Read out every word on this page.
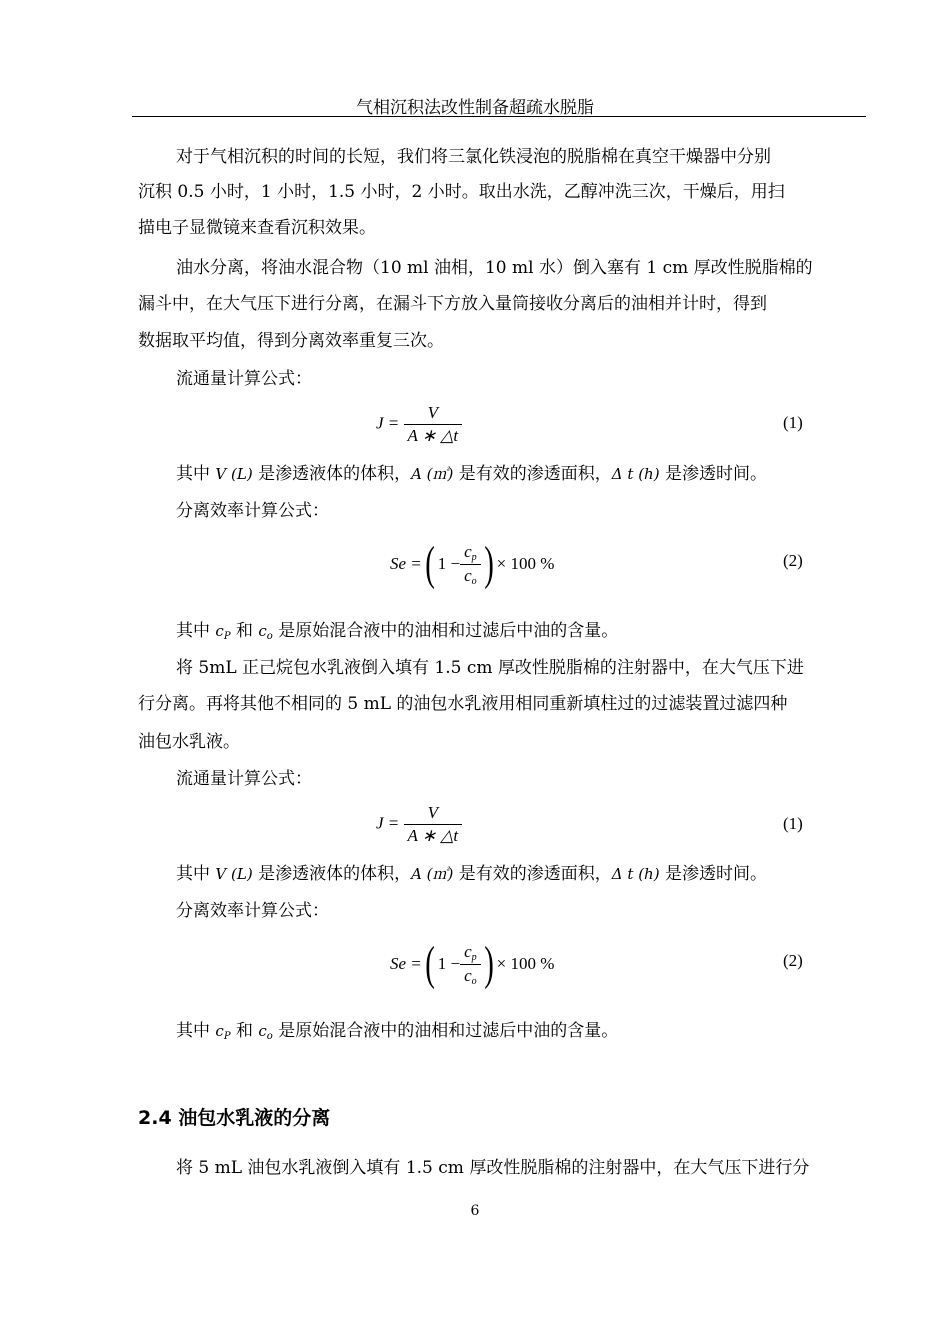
气相沉积法改性制备超疏水脱脂
对于气相沉积的时间的长短，我们将三氯化铁浸泡的脱脂棉在真空干燥器中分别
沉积 0.5 小时，1 小时，1.5 小时，2 小时。取出水洗，乙醇冲洗三次，干燥后，用扫
描电子显微镜来查看沉积效果。
油水分离，将油水混合物（10 ml 油相，10 ml 水）倒入塞有 1 cm 厚改性脱脂棉的
漏斗中，在大气压下进行分离，在漏斗下方放入量筒接收分离后的油相并计时，得到
数据取平均值，得到分离效率重复三次。
流通量计算公式：
$J = \frac{V}{A ∗ \triangle t}$	(1)
其中 V (L) 是渗透液体的体积，A (㎡) 是有效的渗透面积，Δ t (h) 是渗透时间。
分离效率计算公式：
Se = ( $1 - \frac{c_p}{c_o}$ ) × 100 %	(2)
其中 $c_P$ 和 $c_o$ 是原始混合液中的油相和过滤后中油的含量。
将 5mL 正己烷包水乳液倒入填有 1.5 cm 厚改性脱脂棉的注射器中，在大气压下进
行分离。再将其他不相同的 5 mL 的油包水乳液用相同重新填柱过的过滤装置过滤四种
油包水乳液。
流通量计算公式：
$J = \frac{V}{A ∗ \triangle t}$	(1)
其中 V (L) 是渗透液体的体积，A (㎡) 是有效的渗透面积，Δ t (h) 是渗透时间。
分离效率计算公式：
Se = ( $1 - \frac{c_p}{c_o}$ ) × 100 %	(2)
其中 $c_P$ 和 $c_o$ 是原始混合液中的油相和过滤后中油的含量。
2.4 油包水乳液的分离
将 5 mL 油包水乳液倒入填有 1.5 cm 厚改性脱脂棉的注射器中，在大气压下进行分
6
